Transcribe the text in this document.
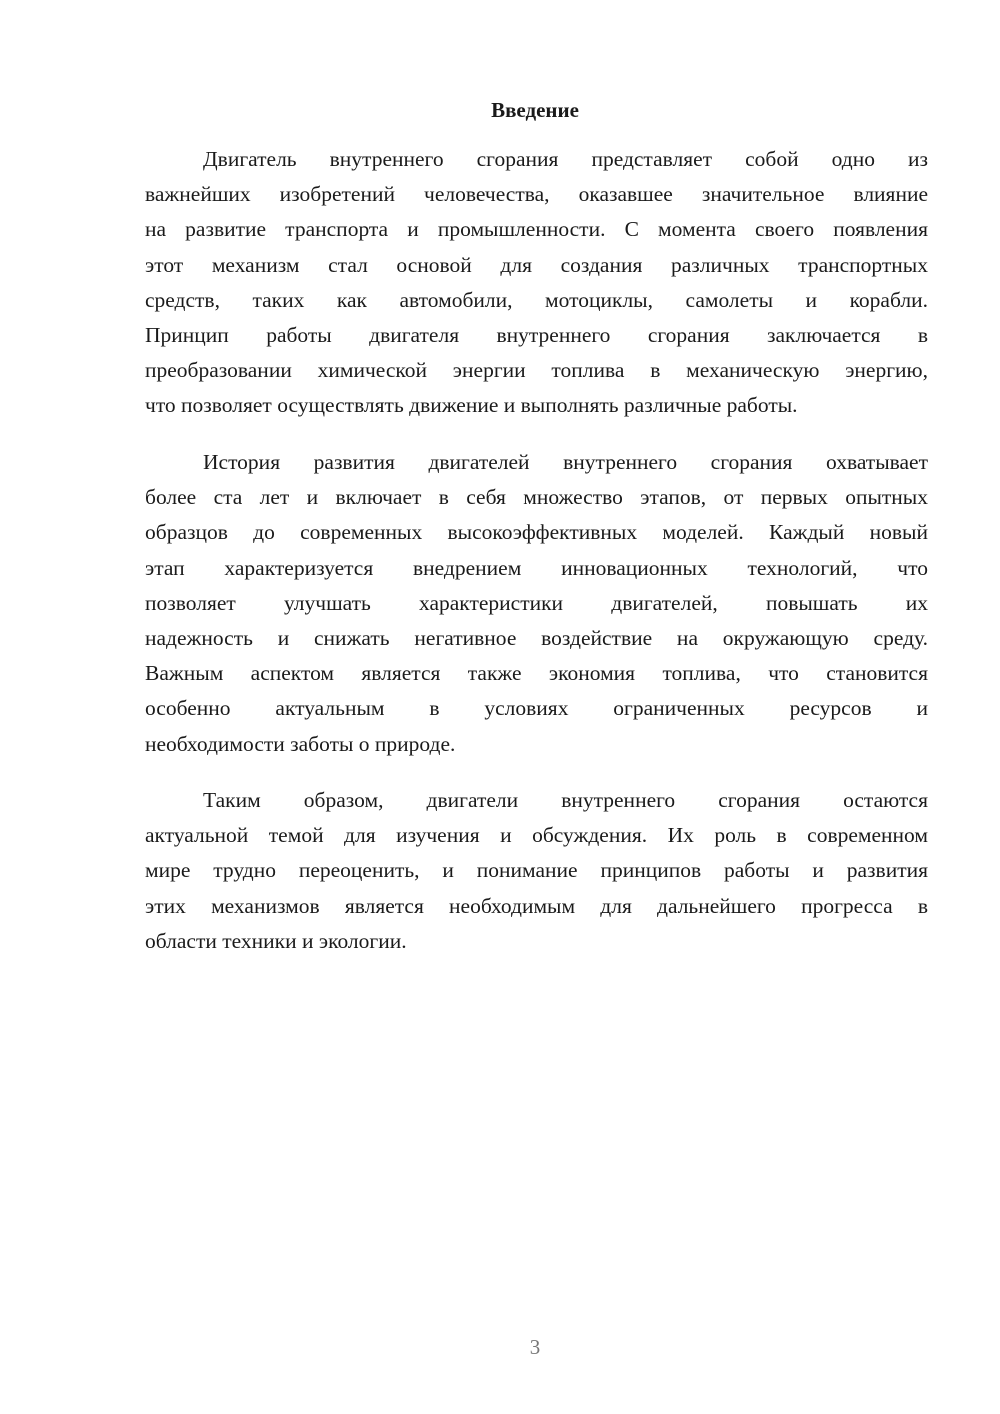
Введение
Двигатель внутреннего сгорания представляет собой одно из
важнейших изобретений человечества, оказавшее значительное влияние
на развитие транспорта и промышленности. С момента своего появления
этот механизм стал основой для создания различных транспортных
средств, таких как автомобили, мотоциклы, самолеты и корабли.
Принцип работы двигателя внутреннего сгорания заключается в
преобразовании химической энергии топлива в механическую энергию,
что позволяет осуществлять движение и выполнять различные работы.
История развития двигателей внутреннего сгорания охватывает
более ста лет и включает в себя множество этапов, от первых опытных
образцов до современных высокоэффективных моделей. Каждый новый
этап характеризуется внедрением инновационных технологий, что
позволяет улучшать характеристики двигателей, повышать их
надежность и снижать негативное воздействие на окружающую среду.
Важным аспектом является также экономия топлива, что становится
особенно актуальным в условиях ограниченных ресурсов и
необходимости заботы о природе.
Таким образом, двигатели внутреннего сгорания остаются
актуальной темой для изучения и обсуждения. Их роль в современном
мире трудно переоценить, и понимание принципов работы и развития
этих механизмов является необходимым для дальнейшего прогресса в
области техники и экологии.
3
